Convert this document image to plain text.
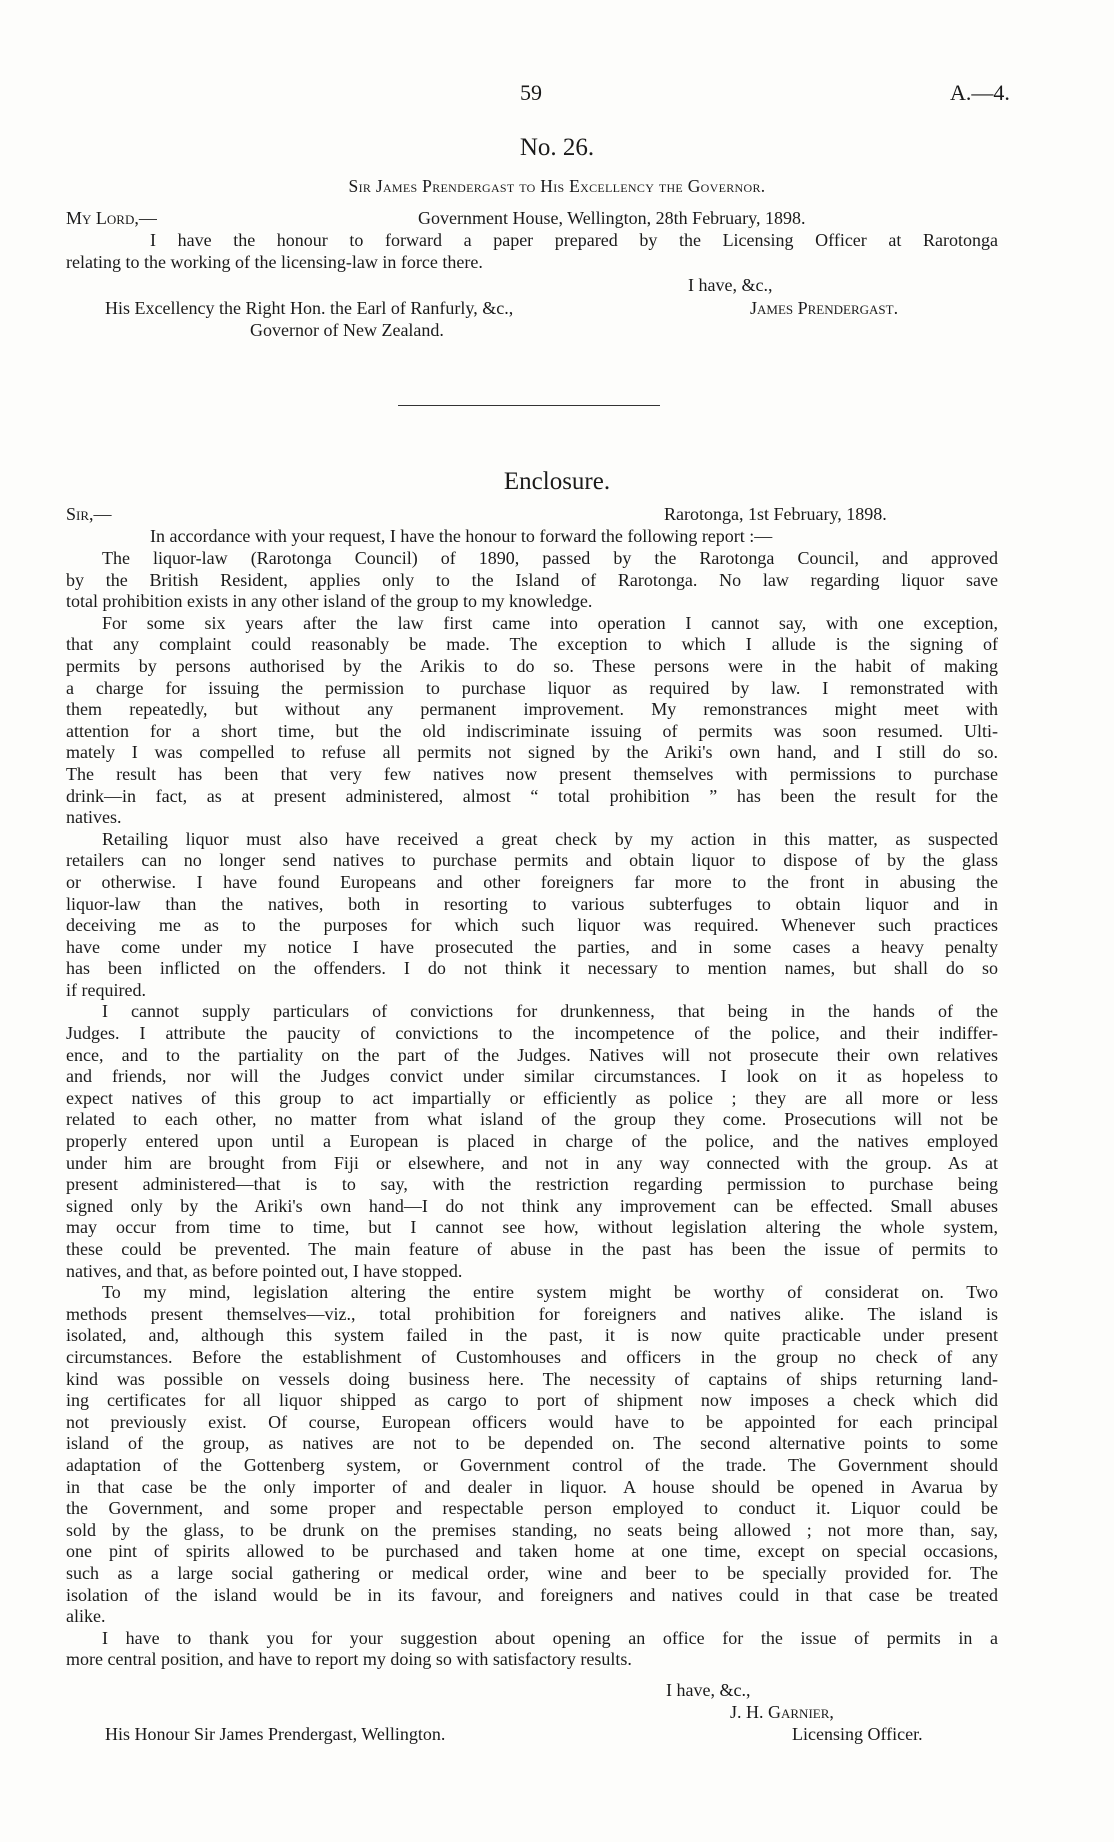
59	A.—4.
No. 26.
Sir James Prendergast to His Excellency the Governor.
My Lord,—	Government House, Wellington, 28th February, 1898.
I have the honour to forward a paper prepared by the Licensing Officer at Rarotonga
relating to the working of the licensing-law in force there.
I have, &c.,
His Excellency the Right Hon. the Earl of Ranfurly, &c.,	James Prendergast.
Governor of New Zealand.
Enclosure.
Sir,—	Rarotonga, 1st February, 1898.
In accordance with your request, I have the honour to forward the following report :—
The liquor-law (Rarotonga Council) of 1890, passed by the Rarotonga Council, and approved
by the British Resident, applies only to the Island of Rarotonga. No law regarding liquor save
total prohibition exists in any other island of the group to my knowledge.
For some six years after the law first came into operation I cannot say, with one exception,
that any complaint could reasonably be made. The exception to which I allude is the signing of
permits by persons authorised by the Arikis to do so. These persons were in the habit of making
a charge for issuing the permission to purchase liquor as required by law. I remonstrated with
them repeatedly, but without any permanent improvement. My remonstrances might meet with
attention for a short time, but the old indiscriminate issuing of permits was soon resumed. Ulti-
mately I was compelled to refuse all permits not signed by the Ariki's own hand, and I still do so.
The result has been that very few natives now present themselves with permissions to purchase
drink—in fact, as at present administered, almost “ total prohibition ” has been the result for the
natives.
Retailing liquor must also have received a great check by my action in this matter, as suspected
retailers can no longer send natives to purchase permits and obtain liquor to dispose of by the glass
or otherwise. I have found Europeans and other foreigners far more to the front in abusing the
liquor-law than the natives, both in resorting to various subterfuges to obtain liquor and in
deceiving me as to the purposes for which such liquor was required. Whenever such practices
have come under my notice I have prosecuted the parties, and in some cases a heavy penalty
has been inflicted on the offenders. I do not think it necessary to mention names, but shall do so
if required.
I cannot supply particulars of convictions for drunkenness, that being in the hands of the
Judges. I attribute the paucity of convictions to the incompetence of the police, and their indiffer-
ence, and to the partiality on the part of the Judges. Natives will not prosecute their own relatives
and friends, nor will the Judges convict under similar circumstances. I look on it as hopeless to
expect natives of this group to act impartially or efficiently as police ; they are all more or less
related to each other, no matter from what island of the group they come. Prosecutions will not be
properly entered upon until a European is placed in charge of the police, and the natives employed
under him are brought from Fiji or elsewhere, and not in any way connected with the group. As at
present administered—that is to say, with the restriction regarding permission to purchase being
signed only by the Ariki's own hand—I do not think any improvement can be effected. Small abuses
may occur from time to time, but I cannot see how, without legislation altering the whole system,
these could be prevented. The main feature of abuse in the past has been the issue of permits to
natives, and that, as before pointed out, I have stopped.
To my mind, legislation altering the entire system might be worthy of considerat on. Two
methods present themselves—viz., total prohibition for foreigners and natives alike. The island is
isolated, and, although this system failed in the past, it is now quite practicable under present
circumstances. Before the establishment of Customhouses and officers in the group no check of any
kind was possible on vessels doing business here. The necessity of captains of ships returning land-
ing certificates for all liquor shipped as cargo to port of shipment now imposes a check which did
not previously exist. Of course, European officers would have to be appointed for each principal
island of the group, as natives are not to be depended on. The second alternative points to some
adaptation of the Gottenberg system, or Government control of the trade. The Government should
in that case be the only importer of and dealer in liquor. A house should be opened in Avarua by
the Government, and some proper and respectable person employed to conduct it. Liquor could be
sold by the glass, to be drunk on the premises standing, no seats being allowed ; not more than, say,
one pint of spirits allowed to be purchased and taken home at one time, except on special occasions,
such as a large social gathering or medical order, wine and beer to be specially provided for. The
isolation of the island would be in its favour, and foreigners and natives could in that case be treated
alike.
I have to thank you for your suggestion about opening an office for the issue of permits in a
more central position, and have to report my doing so with satisfactory results.
I have, &c.,
J. H. Garnier,
His Honour Sir James Prendergast, Wellington.	Licensing Officer.
